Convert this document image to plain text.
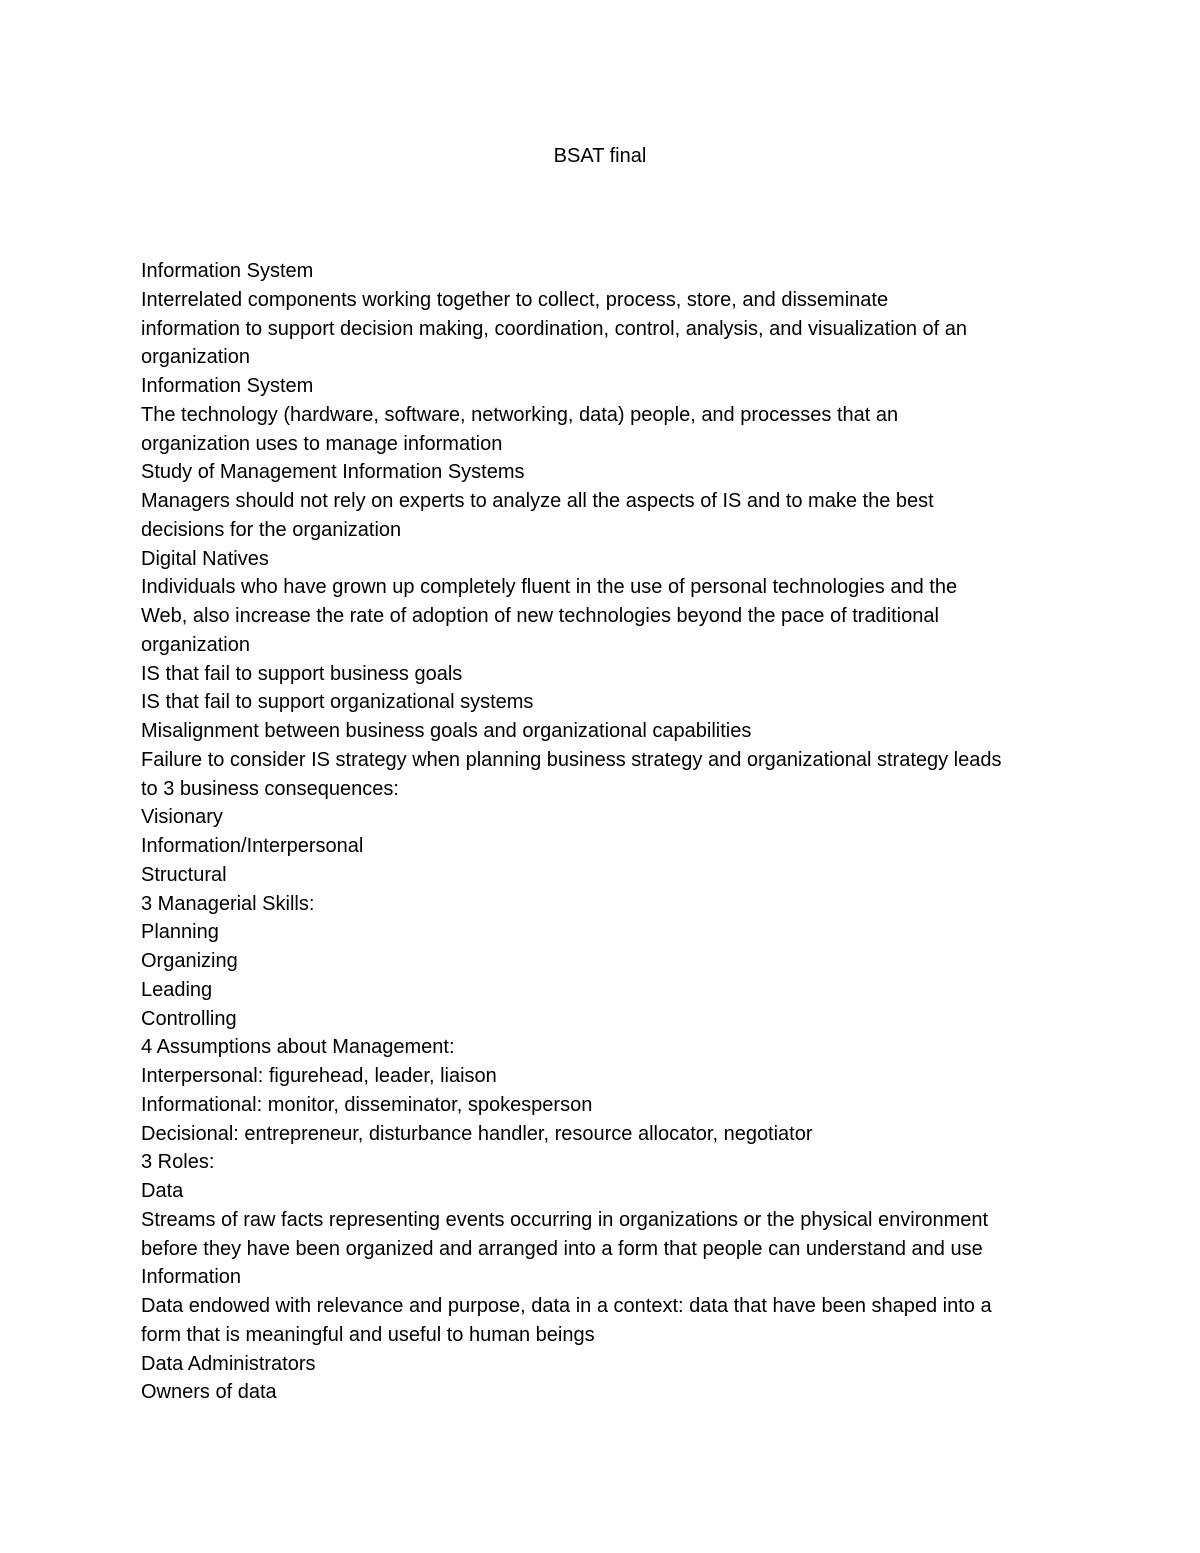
BSAT final
Information System
Interrelated components working together to collect, process, store, and disseminate
information to support decision making, coordination, control, analysis, and visualization of an
organization
Information System
The technology (hardware, software, networking, data) people, and processes that an
organization uses to manage information
Study of Management Information Systems
Managers should not rely on experts to analyze all the aspects of IS and to make the best
decisions for the organization
Digital Natives
Individuals who have grown up completely fluent in the use of personal technologies and the
Web, also increase the rate of adoption of new technologies beyond the pace of traditional
organization
IS that fail to support business goals
IS that fail to support organizational systems
Misalignment between business goals and organizational capabilities
Failure to consider IS strategy when planning business strategy and organizational strategy leads
to 3 business consequences:
Visionary
Information/Interpersonal
Structural
3 Managerial Skills:
Planning
Organizing
Leading
Controlling
4 Assumptions about Management:
Interpersonal: figurehead, leader, liaison
Informational: monitor, disseminator, spokesperson
Decisional: entrepreneur, disturbance handler, resource allocator, negotiator
3 Roles:
Data
Streams of raw facts representing events occurring in organizations or the physical environment
before they have been organized and arranged into a form that people can understand and use
Information
Data endowed with relevance and purpose, data in a context: data that have been shaped into a
form that is meaningful and useful to human beings
Data Administrators
Owners of data
